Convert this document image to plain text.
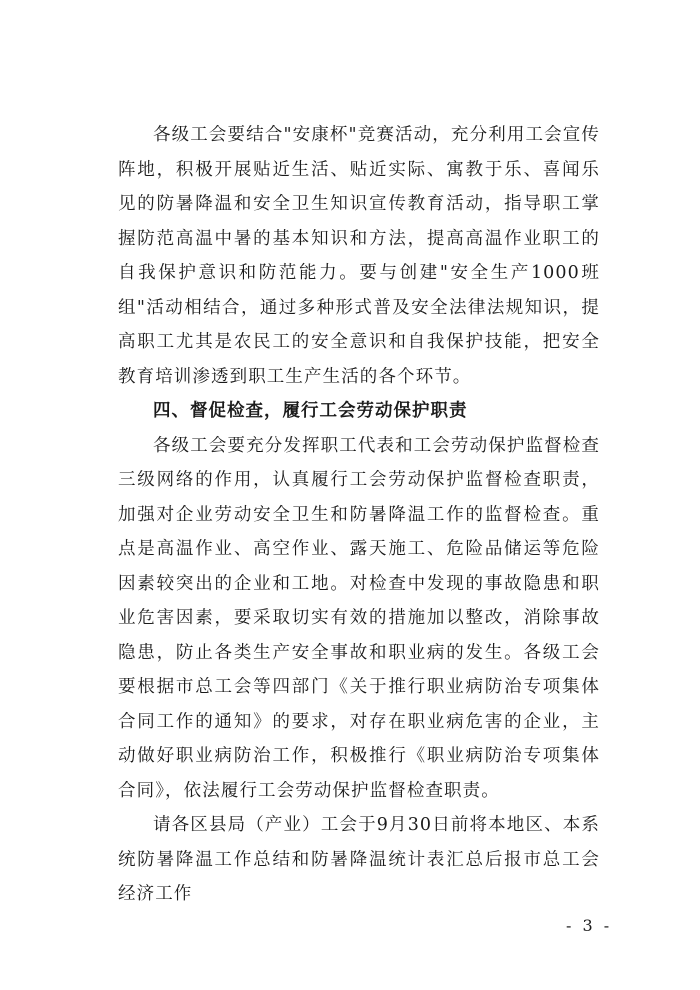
各级工会要结合"安康杯"竞赛活动，充分利用工会宣传阵地，积极开展贴近生活、贴近实际、寓教于乐、喜闻乐见的防暑降温和安全卫生知识宣传教育活动，指导职工掌握防范高温中暑的基本知识和方法，提高高温作业职工的自我保护意识和防范能力。要与创建"安全生产1000班组"活动相结合，通过多种形式普及安全法律法规知识，提高职工尤其是农民工的安全意识和自我保护技能，把安全教育培训渗透到职工生产生活的各个环节。

四、督促检查，履行工会劳动保护职责

各级工会要充分发挥职工代表和工会劳动保护监督检查三级网络的作用，认真履行工会劳动保护监督检查职责，加强对企业劳动安全卫生和防暑降温工作的监督检查。重点是高温作业、高空作业、露天施工、危险品储运等危险因素较突出的企业和工地。对检查中发现的事故隐患和职业危害因素，要采取切实有效的措施加以整改，消除事故隐患，防止各类生产安全事故和职业病的发生。各级工会要根据市总工会等四部门《关于推行职业病防治专项集体合同工作的通知》的要求，对存在职业病危害的企业，主动做好职业病防治工作，积极推行《职业病防治专项集体合同》，依法履行工会劳动保护监督检查职责。

请各区县局（产业）工会于9月30日前将本地区、本系统防暑降温工作总结和防暑降温统计表汇总后报市总工会经济工作

- 3 -
